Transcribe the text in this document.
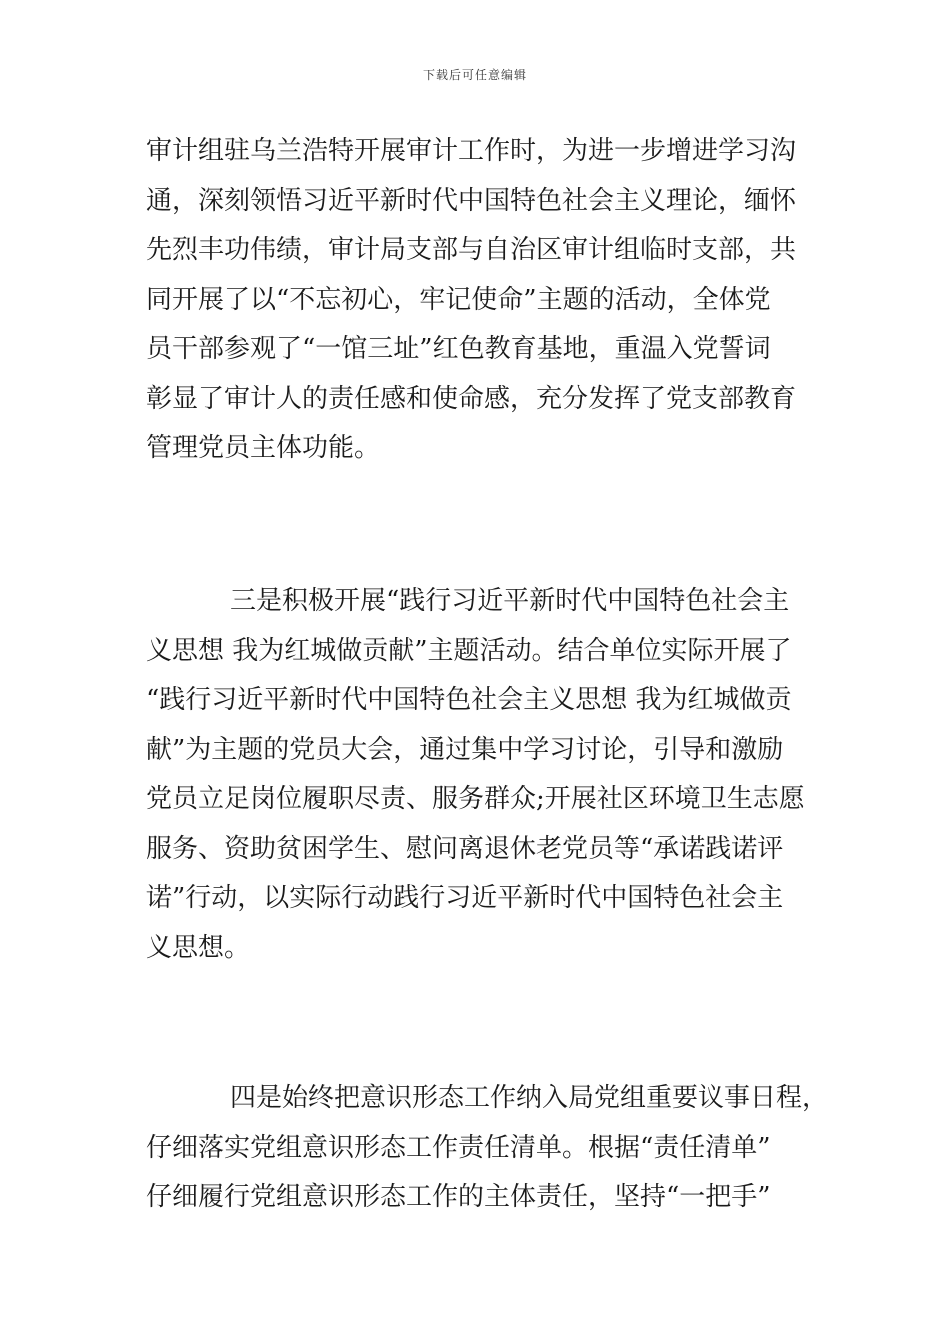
下载后可任意编辑
审计组驻乌兰浩特开展审计工作时，为进一步增进学习沟
通，深刻领悟习近平新时代中国特色社会主义理论，缅怀
先烈丰功伟绩，审计局支部与自治区审计组临时支部，共
同开展了以“不忘初心，牢记使命”主题的活动，全体党
员干部参观了“一馆三址”红色教育基地，重温入党誓词
彰显了审计人的责任感和使命感，充分发挥了党支部教育
管理党员主体功能。
三是积极开展“践行习近平新时代中国特色社会主
义思想 我为红城做贡献”主题活动。结合单位实际开展了
“践行习近平新时代中国特色社会主义思想 我为红城做贡
献”为主题的党员大会，通过集中学习讨论，引导和激励
党员立足岗位履职尽责、服务群众;开展社区环境卫生志愿
服务、资助贫困学生、慰问离退休老党员等“承诺践诺评
诺”行动，以实际行动践行习近平新时代中国特色社会主
义思想。
四是始终把意识形态工作纳入局党组重要议事日程，
仔细落实党组意识形态工作责任清单。根据“责任清单”
仔细履行党组意识形态工作的主体责任，坚持“一把手”
